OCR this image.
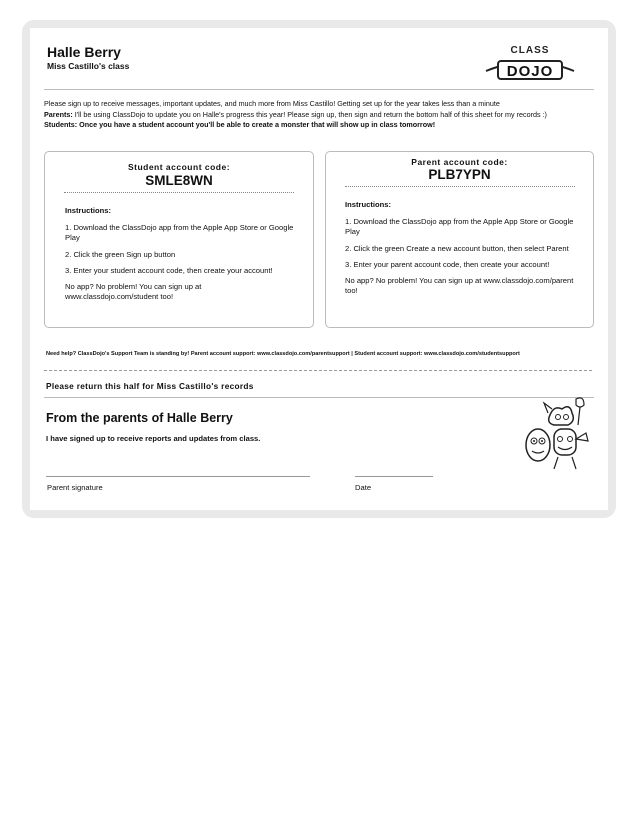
Halle Berry
Miss Castillo's class
CLASS
DOJO
Please sign up to receive messages, important updates, and much more from Miss Castillo! Getting set up for the year takes less than a minute
Parents: I'll be using ClassDojo to update you on Halle's progress this year! Please sign up, then sign and return the bottom half of this sheet for my records :)
Students: Once you have a student account you'll be able to create a monster that will show up in class tomorrow!
Student account code:
SMLE8WN

Instructions:

1. Download the ClassDojo app from the Apple App Store or Google Play

2. Click the green Sign up button

3. Enter your student account code, then create your account!

No app? No problem! You can sign up at www.classdojo.com/student too!

Parent account code:
PLB7YPN

Instructions:

1. Download the ClassDojo app from the Apple App Store or Google Play

2. Click the green Create a new account button, then select Parent

3. Enter your parent account code, then create your account!

No app? No problem! You can sign up at www.classdojo.com/parent too!

Need help? ClassDojo's Support Team is standing by! Parent account support: www.classdojo.com/parentsupport | Student account support: www.classdojo.com/studentsupport
Please return this half for Miss Castillo's records
From the parents of Halle Berry
I have signed up to receive reports and updates from class.
Parent signature	Date
